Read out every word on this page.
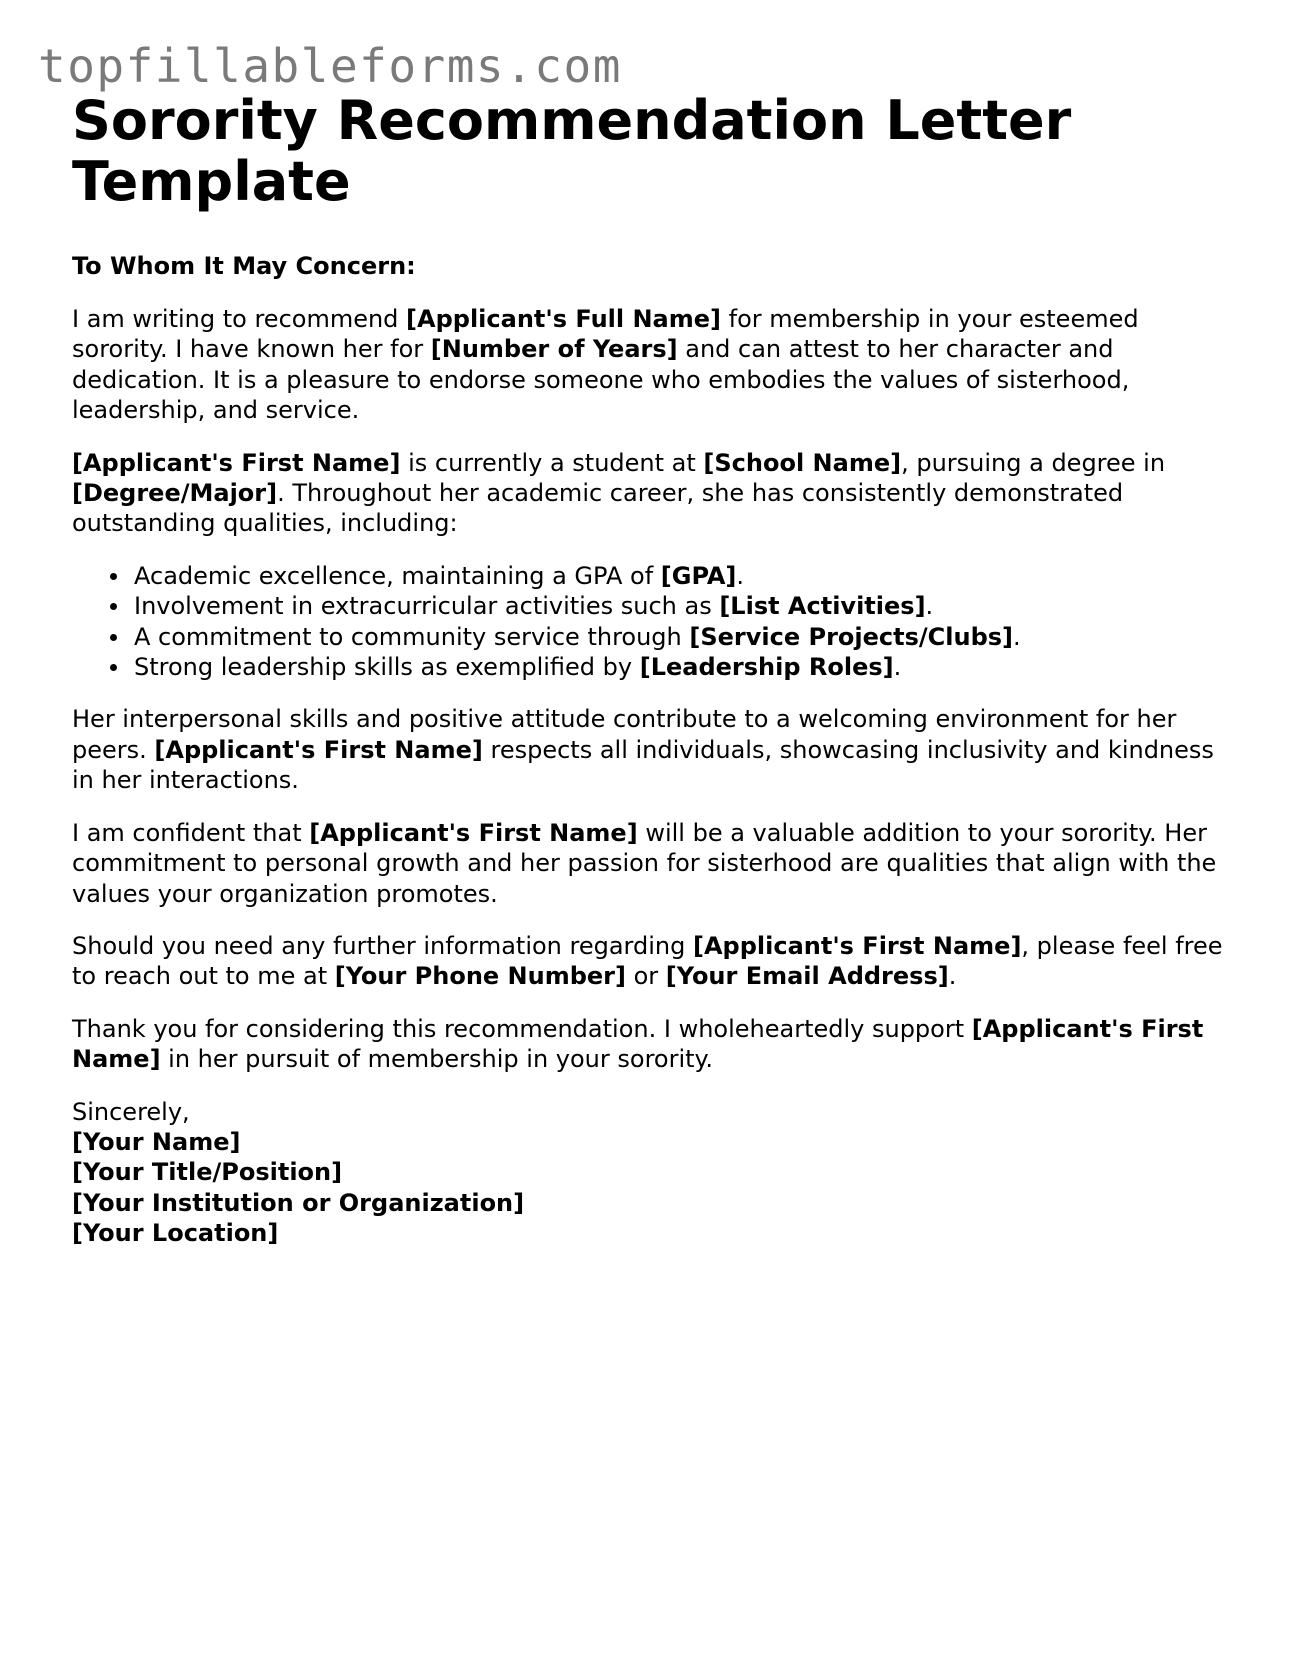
topfillableforms.com
Sorority Recommendation Letter Template
To Whom It May Concern:

I am writing to recommend [Applicant's Full Name] for membership in your esteemed sorority. I have known her for [Number of Years] and can attest to her character and dedication. It is a pleasure to endorse someone who embodies the values of sisterhood, leadership, and service.

[Applicant's First Name] is currently a student at [School Name], pursuing a degree in [Degree/Major]. Throughout her academic career, she has consistently demonstrated outstanding qualities, including:

Academic excellence, maintaining a GPA of [GPA].
Involvement in extracurricular activities such as [List Activities].
A commitment to community service through [Service Projects/Clubs].
Strong leadership skills as exemplified by [Leadership Roles].

Her interpersonal skills and positive attitude contribute to a welcoming environment for her peers. [Applicant's First Name] respects all individuals, showcasing inclusivity and kindness in her interactions.

I am confident that [Applicant's First Name] will be a valuable addition to your sorority. Her commitment to personal growth and her passion for sisterhood are qualities that align with the values your organization promotes.

Should you need any further information regarding [Applicant's First Name], please feel free to reach out to me at [Your Phone Number] or [Your Email Address].

Thank you for considering this recommendation. I wholeheartedly support [Applicant's First Name] in her pursuit of membership in your sorority.

Sincerely,
[Your Name]
[Your Title/Position]
[Your Institution or Organization]
[Your Location]
